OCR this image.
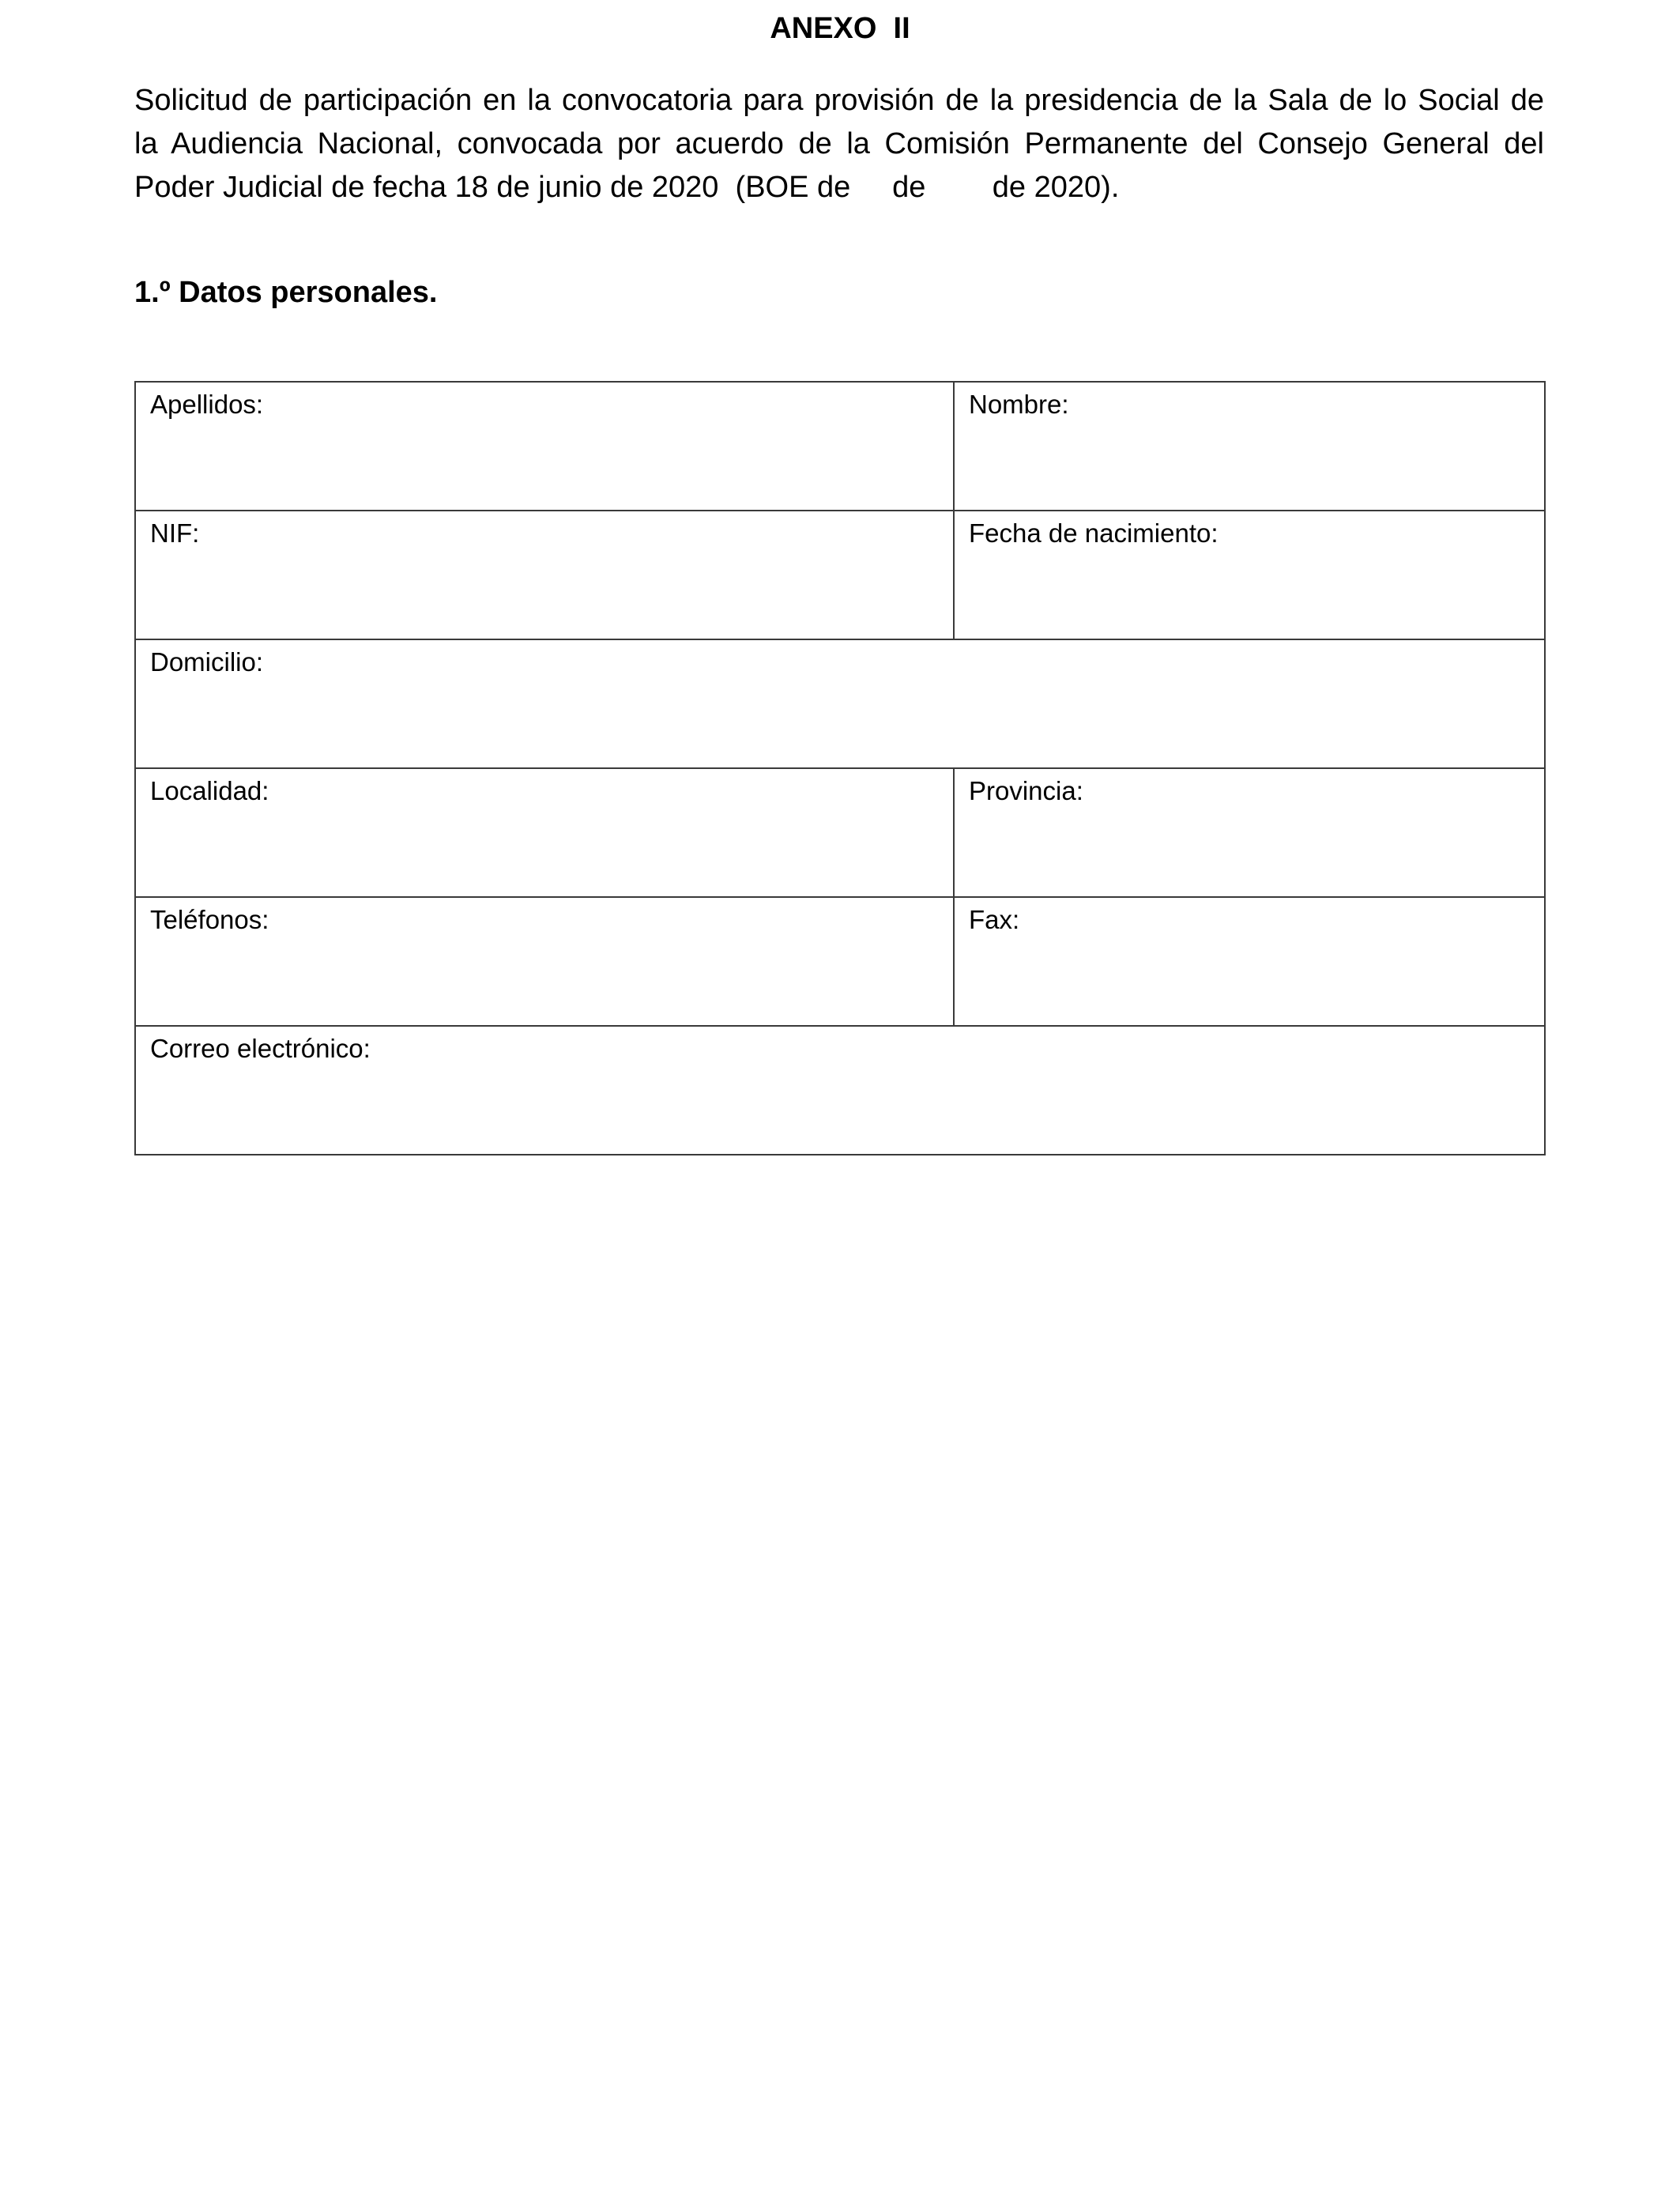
ANEXO  II

Solicitud de participación en la convocatoria para provisión de la presidencia de la Sala de lo Social de
la Audiencia Nacional, convocada por acuerdo de la Comisión Permanente del Consejo General del
Poder Judicial de fecha 18 de junio de 2020  (BOE de     de        de 2020).

1.º Datos personales.
Apellidos:	Nombre:

NIF:	Fecha de nacimiento:

Domicilio:	

Localidad:	Provincia:

Teléfonos:	Fax:

Correo electrónico:	
